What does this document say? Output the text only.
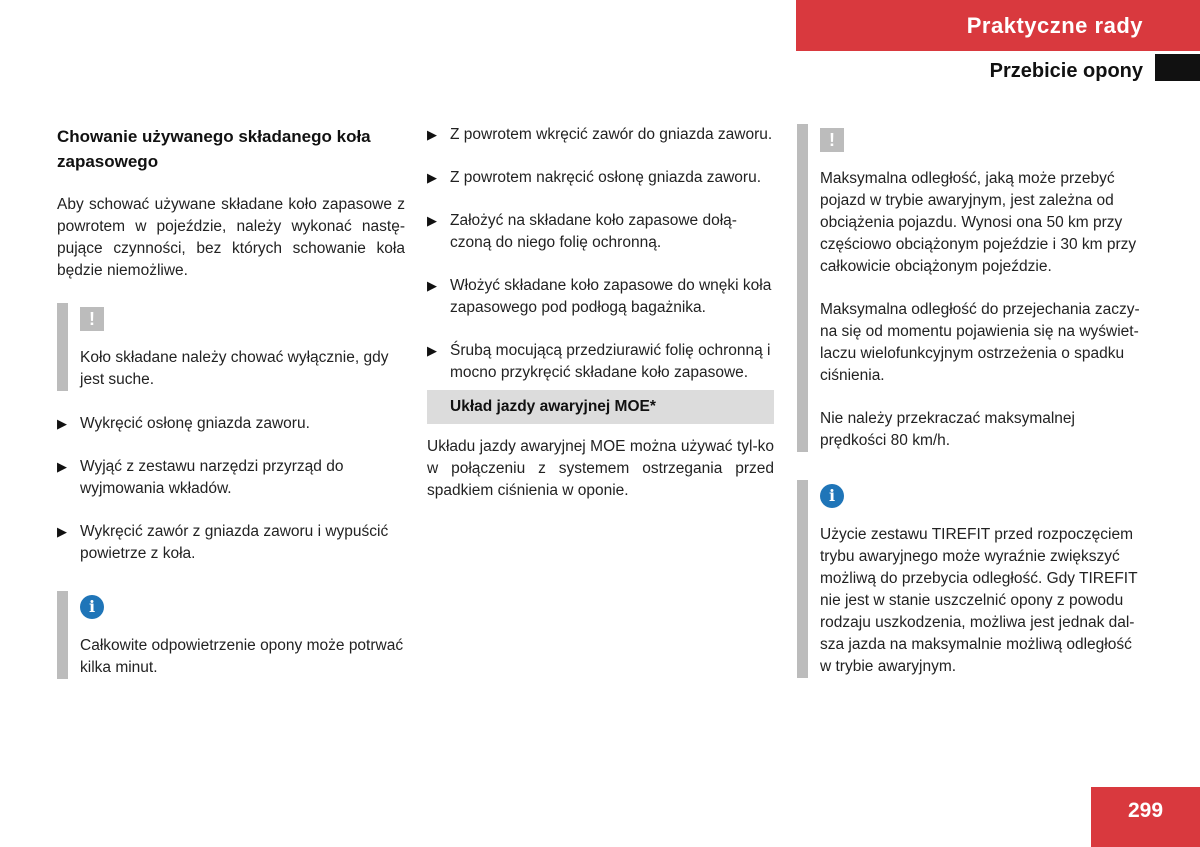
Praktyczne rady
Przebicie opony
Chowanie używanego składanego koła zapasowego

Aby schować używane składane koło zapasowe z powrotem w pojeździe, należy wykonać nastę-pujące czynności, bez których schowanie koła będzie niemożliwe.

!

Koło składane należy chować wyłącznie, gdy jest suche.

▶ Wykręcić osłonę gniazda zaworu.
▶ Wyjąć z zestawu narzędzi przyrząd do wyjmowania wkładów.
▶ Wykręcić zawór z gniazda zaworu i wypuścić powietrze z koła.
i

Całkowite odpowietrzenie opony może potrwać kilka minut.

▶ Z powrotem wkręcić zawór do gniazda zaworu.
▶ Z powrotem nakręcić osłonę gniazda zaworu.
▶ Założyć na składane koło zapasowe dołą-czoną do niego folię ochronną.
▶ Włożyć składane koło zapasowe do wnęki koła zapasowego pod podłogą bagażnika.
▶ Śrubą mocującą przedziurawić folię ochronną i mocno przykręcić składane koło zapasowe.
Układ jazdy awaryjnej MOE*

Układu jazdy awaryjnej MOE można używać tyl-ko w połączeniu z systemem ostrzegania przed spadkiem ciśnienia w oponie.

!

Maksymalna odległość, jaką może przebyć pojazd w trybie awaryjnym, jest zależna od obciążenia pojazdu. Wynosi ona 50 km przy częściowo obciążonym pojeździe i 30 km przy całkowicie obciążonym pojeździe.

Maksymalna odległość do przejechania zaczy-na się od momentu pojawienia się na wyświet-laczu wielofunkcyjnym ostrzeżenia o spadku ciśnienia.

Nie należy przekraczać maksymalnej prędkości 80 km/h.

i

Użycie zestawu TIREFIT przed rozpoczęciem trybu awaryjnego może wyraźnie zwiększyć możliwą do przebycia odległość. Gdy TIREFIT nie jest w stanie uszczelnić opony z powodu rodzaju uszkodzenia, możliwa jest jednak dal-sza jazda na maksymalnie możliwą odległość w trybie awaryjnym.

299
